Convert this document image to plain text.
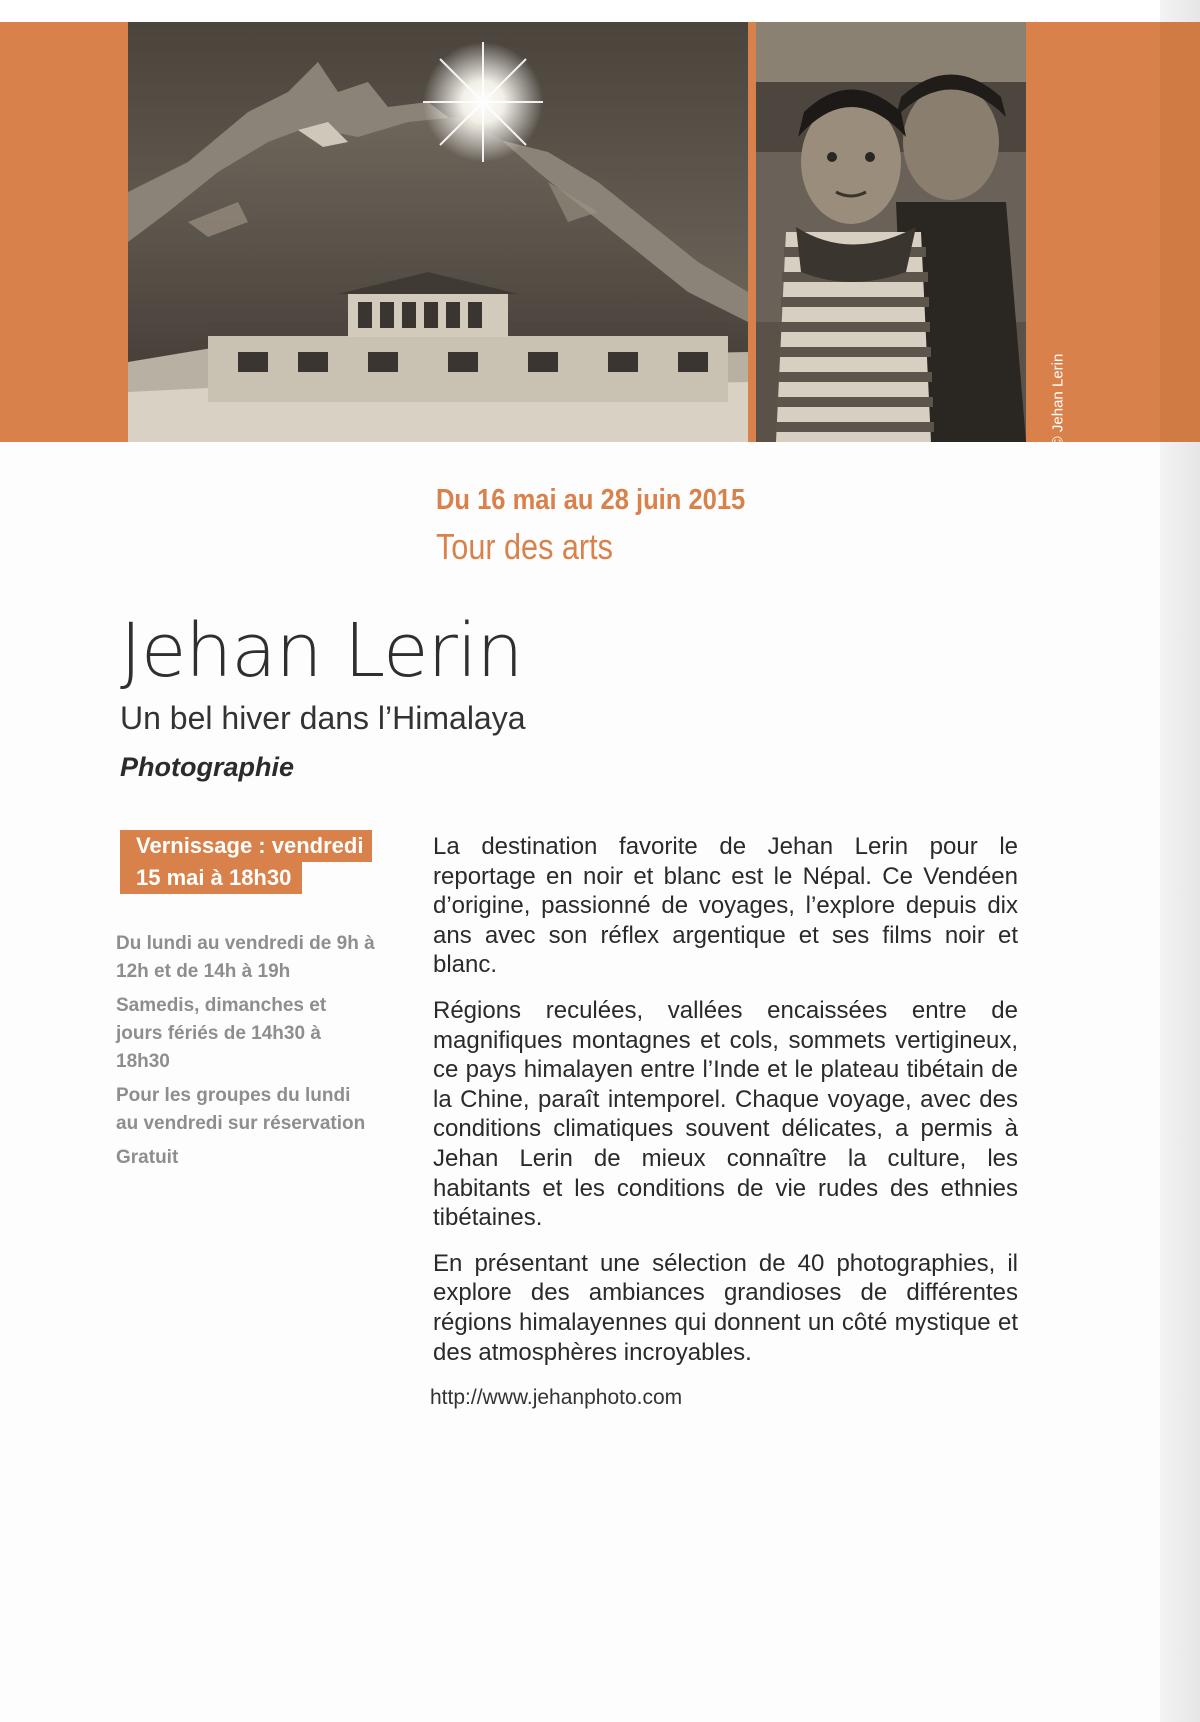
© Jehan Lerin
Du 16 mai au 28 juin 2015
Tour des arts
Jehan Lerin
Un bel hiver dans l’Himalaya
Photographie
Vernissage : vendredi
15 mai à 18h30

Du lundi au vendredi de 9h à 12h et de 14h à 19h

Samedis, dimanches et jours fériés de 14h30 à 18h30

Pour les groupes du lundi au vendredi sur réservation

Gratuit

La destination favorite de Jehan Lerin pour le reportage en noir et blanc est le Népal. Ce Vendéen d’origine, passionné de voyages, l’explore depuis dix ans avec son réflex argentique et ses films noir et blanc.

Régions reculées, vallées encaissées entre de magnifiques montagnes et cols, sommets vertigineux, ce pays himalayen entre l’Inde et le plateau tibétain de la Chine, paraît intemporel. Chaque voyage, avec des conditions climatiques souvent délicates, a permis à Jehan Lerin de mieux connaître la culture, les habitants et les conditions de vie rudes des ethnies tibétaines.

En présentant une sélection de 40 photographies, il explore des ambiances grandioses de différentes régions himalayennes qui donnent un côté mystique et des atmosphères incroyables.

http://www.jehanphoto.com
